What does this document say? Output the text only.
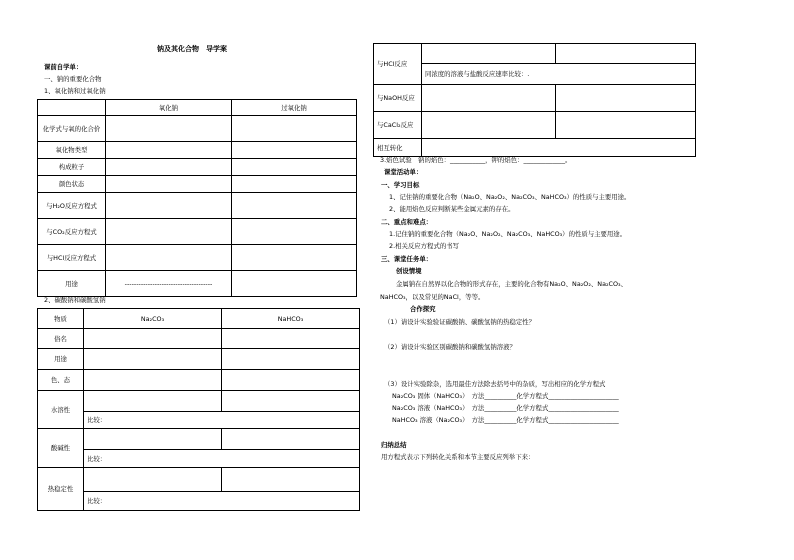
钠及其化合物　导学案
课前自学单：
一、钠的重要化合物
1、氧化钠和过氧化钠
	氧化钠	过氧化钠
化学式与氧的化合价		
氧化物类型		
构成粒子		
颜色状态		
与H₂O反应方程式		
与CO₂反应方程式		
与HCl反应方程式		
用途	--------------------------------------	
2、碳酸钠和碳酸氢钠
物质	Na₂CO₃	NaHCO₃
俗名		
用途		
色、态		
水溶性		
	比较：	
酸碱性		
	比较：	
热稳定性		
	比较：	
与HCl反应		
	同浓度的溶液与盐酸反应速率比较：.	
与NaOH反应		
与CaCl₂反应		
相互转化		
3.焰色试验　钠的焰色：___________，钾的焰色：_____________。
课堂活动单：
一、学习目标
1、记住钠的重要化合物（Na₂O、Na₂O₂、Na₂CO₃、NaHCO₃）的性质与主要用途。
2、能用焰色反应判断某些金属元素的存在。
二、重点和难点：
1.记住钠的重要化合物（Na₂O、Na₂O₂、Na₂CO₃、NaHCO₃）的性质与主要用途。
2.相关反应方程式的书写
三、课堂任务单：
创设情境
金属钠在自然界以化合物的形式存在，主要的化合物有Na₂O、Na₂O₂、Na₂CO₃、
NaHCO₃，以及常见的NaCl，等等。
合作探究
（1）请设计实验验证碳酸钠、碳酸氢钠的热稳定性？
（2）请设计实验区别碳酸钠和碳酸氢钠溶液？
（3）设计实验除杂，选用最佳方法除去括号中的杂质，写出相应的化学方程式
Na₂CO₃ 固体（NaHCO₃）　方法__________化学方程式______________________
Na₂CO₃ 溶液（NaHCO₃）　方法__________化学方程式______________________
NaHCO₃ 溶液（Na₂CO₃）　方法__________化学方程式______________________
归纳总结
用方程式表示下列转化关系和本节主要反应列举下来：
